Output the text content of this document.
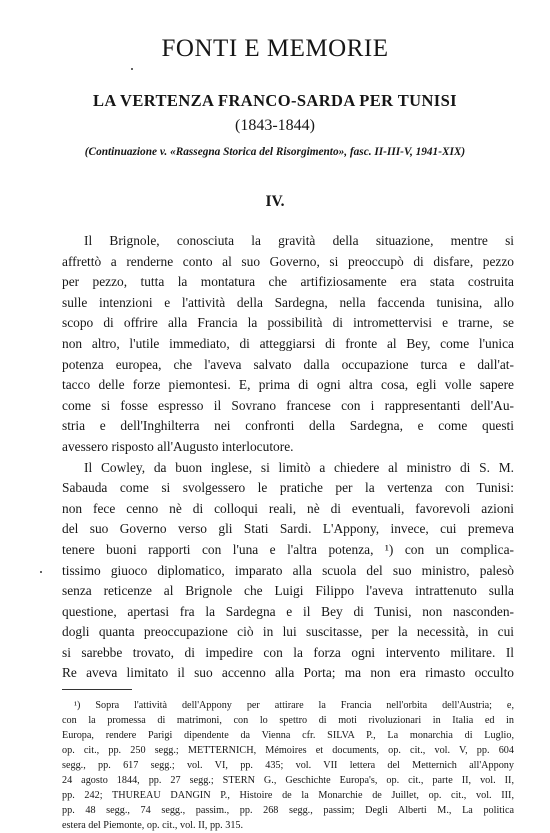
FONTI E MEMORIE
LA VERTENZA FRANCO-SARDA PER TUNISI
(1843-1844)
(Continuazione v. «Rassegna Storica del Risorgimento», fasc. II-III-V, 1941-XIX)
IV.
Il Brignole, conosciuta la gravità della situazione, mentre si
affrettò a renderne conto al suo Governo, si preoccupò di disfare, pezzo
per pezzo, tutta la montatura che artifiziosamente era stata costruita
sulle intenzioni e l'attività della Sardegna, nella faccenda tunisina, allo
scopo di offrire alla Francia la possibilità di intromettervisi e trarne, se
non altro, l'utile immediato, di atteggiarsi di fronte al Bey, come l'unica
potenza europea, che l'aveva salvato dalla occupazione turca e dall'at-
tacco delle forze piemontesi. E, prima di ogni altra cosa, egli volle sapere
come si fosse espresso il Sovrano francese con i rappresentanti dell'Au-
stria e dell'Inghilterra nei confronti della Sardegna, e come questi
avessero risposto all'Augusto interlocutore.
Il Cowley, da buon inglese, si limitò a chiedere al ministro di S. M.
Sabauda come si svolgessero le pratiche per la vertenza con Tunisi:
non fece cenno nè di colloqui reali, nè di eventuali, favorevoli azioni
del suo Governo verso gli Stati Sardi. L'Appony, invece, cui premeva
tenere buoni rapporti con l'una e l'altra potenza, ¹) con un complica-
tissimo giuoco diplomatico, imparato alla scuola del suo ministro, palesò
senza reticenze al Brignole che Luigi Filippo l'aveva intrattenuto sulla
questione, apertasi fra la Sardegna e il Bey di Tunisi, non nasconden-
dogli quanta preoccupazione ciò in lui suscitasse, per la necessità, in cui
si sarebbe trovato, di impedire con la forza ogni intervento militare. Il
Re aveva limitato il suo accenno alla Porta; ma non era rimasto occulto
¹) Sopra l'attività dell'Appony per attirare la Francia nell'orbita dell'Austria; e,
con la promessa di matrimoni, con lo spettro di moti rivoluzionari in Italia ed in
Europa, rendere Parigi dipendente da Vienna cfr. SILVA P., La monarchia di Luglio,
op. cit., pp. 250 segg.; METTERNICH, Mémoires et documents, op. cit., vol. V, pp. 604
segg., pp. 617 segg.; vol. VI, pp. 435; vol. VII lettera del Metternich all'Appony
24 agosto 1844, pp. 27 segg.; STERN G., Geschichte Europa's, op. cit., parte II, vol. II,
pp. 242; THUREAU DANGIN P., Histoire de la Monarchie de Juillet, op. cit., vol. III,
pp. 48 segg., 74 segg., passim., pp. 268 segg., passim; Degli Alberti M., La politica
estera del Piemonte, op. cit., vol. II, pp. 315.
